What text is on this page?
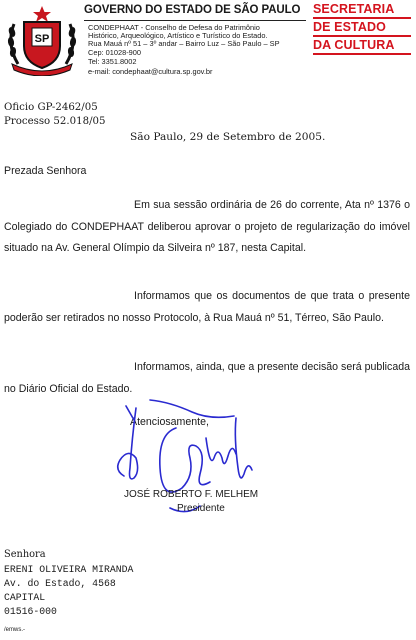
SP
GOVERNO DO ESTADO DE SÃO PAULO
CONDEPHAAT - Conselho de Defesa do Patrimônio
Histórico, Arqueológico, Artístico e Turístico do Estado.
Rua Mauá nº 51 – 3º andar – Bairro Luz – São Paulo – SP
Cep: 01028-900
Tel: 3351.8002
e-mail: condephaat@cultura.sp.gov.br
SECRETARIA
DE ESTADO
DA CULTURA
Oficio GP-2462/05
Processo 52.018/05
São Paulo, 29 de Setembro de 2005.
Prezada Senhora
Em sua sessão ordinária de 26 do corrente, Ata nº 1376 o Colegiado do CONDEPHAAT deliberou aprovar o projeto de regularização do imóvel situado na Av. General Olímpio da Silveira nº 187, nesta Capital.
Informamos que os documentos de que trata o presente poderão ser retirados no nosso Protocolo, à Rua Mauá nº 51, Térreo, São Paulo.
Informamos, ainda, que a presente decisão será publicada no Diário Oficial do Estado.
Atenciosamente,
JOSÉ ROBERTO F. MELHEM
Presidente
Senhora
ERENI OLIVEIRA MIRANDA
Av. do Estado, 4568
CAPITAL
01516-000
/emws.-
